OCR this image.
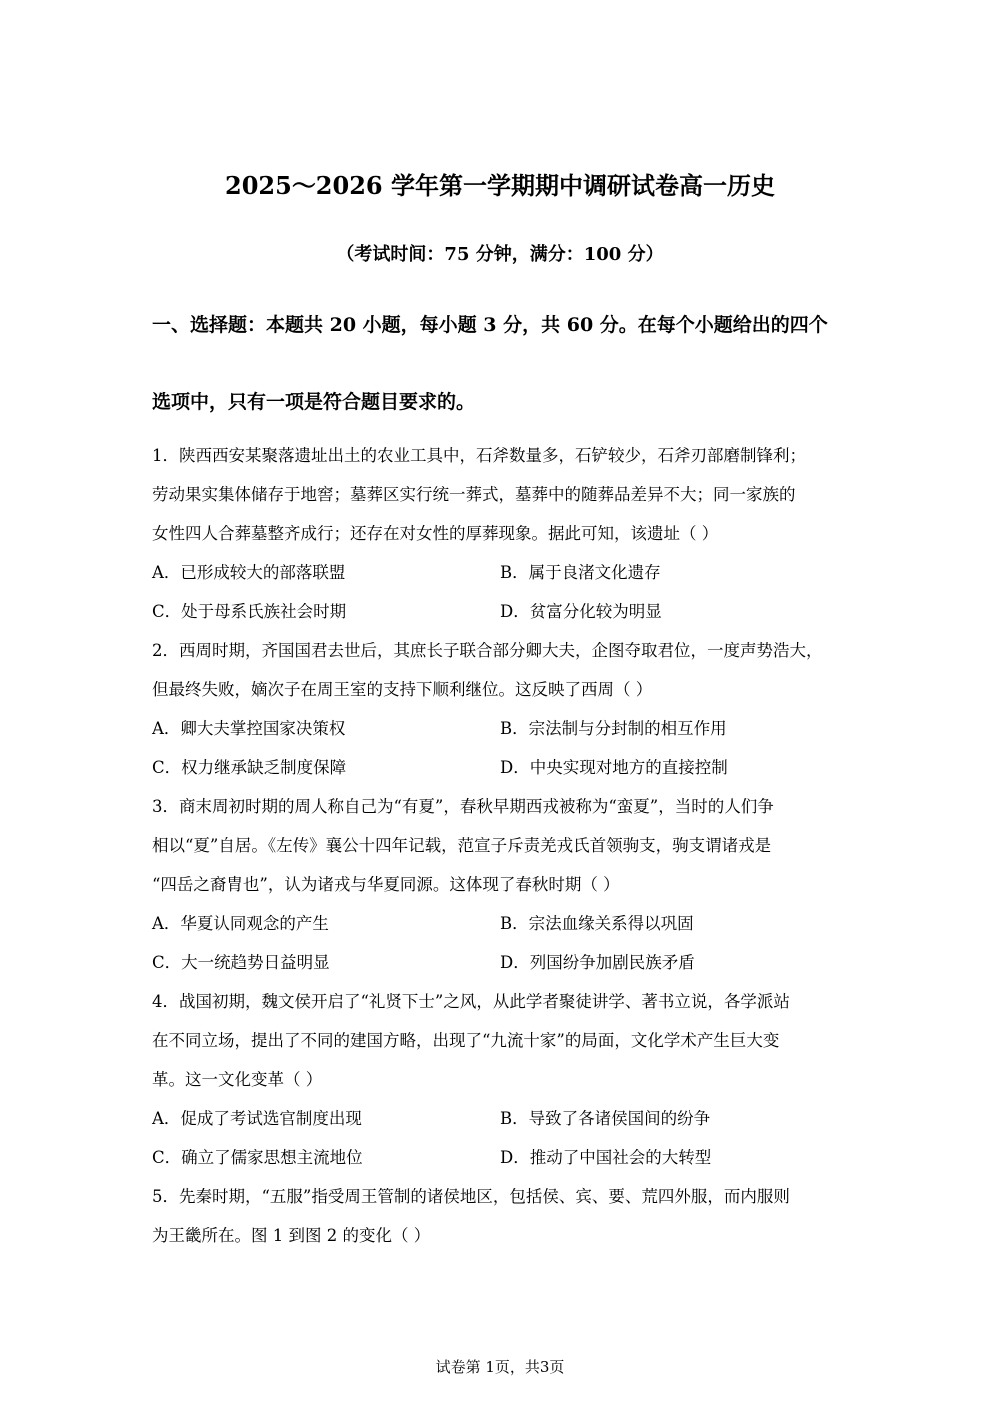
2025～2026 学年第一学期期中调研试卷高一历史
（考试时间：75 分钟，满分：100 分）
一、选择题：本题共 20 小题，每小题 3 分，共 60 分。在每个小题给出的四个
选项中，只有一项是符合题目要求的。
1．陕西西安某聚落遗址出土的农业工具中，石斧数量多，石铲较少，石斧刃部磨制锋利；
劳动果实集体储存于地窖；墓葬区实行统一葬式，墓葬中的随葬品差异不大；同一家族的
女性四人合葬墓整齐成行；还存在对女性的厚葬现象。据此可知，该遗址（ ）
A．已形成较大的部落联盟	B．属于良渚文化遗存
C．处于母系氏族社会时期	D．贫富分化较为明显
2．西周时期，齐国国君去世后，其庶长子联合部分卿大夫，企图夺取君位，一度声势浩大，
但最终失败，嫡次子在周王室的支持下顺利继位。这反映了西周（ ）
A．卿大夫掌控国家决策权	B．宗法制与分封制的相互作用
C．权力继承缺乏制度保障	D．中央实现对地方的直接控制
3．商末周初时期的周人称自己为“有夏”，春秋早期西戎被称为“蛮夏”，当时的人们争
相以“夏”自居。《左传》襄公十四年记载，范宣子斥责羌戎氏首领驹支，驹支谓诸戎是
“四岳之裔胄也”，认为诸戎与华夏同源。这体现了春秋时期（ ）
A．华夏认同观念的产生	B．宗法血缘关系得以巩固
C．大一统趋势日益明显	D．列国纷争加剧民族矛盾
4．战国初期，魏文侯开启了“礼贤下士”之风，从此学者聚徒讲学、著书立说，各学派站
在不同立场，提出了不同的建国方略，出现了“九流十家”的局面，文化学术产生巨大变
革。这一文化变革（ ）
A．促成了考试选官制度出现	B．导致了各诸侯国间的纷争
C．确立了儒家思想主流地位	D．推动了中国社会的大转型
5．先秦时期，“五服”指受周王管制的诸侯地区，包括侯、宾、要、荒四外服，而内服则
为王畿所在。图 1 到图 2 的变化（ ）
试卷第 1页，共3页
